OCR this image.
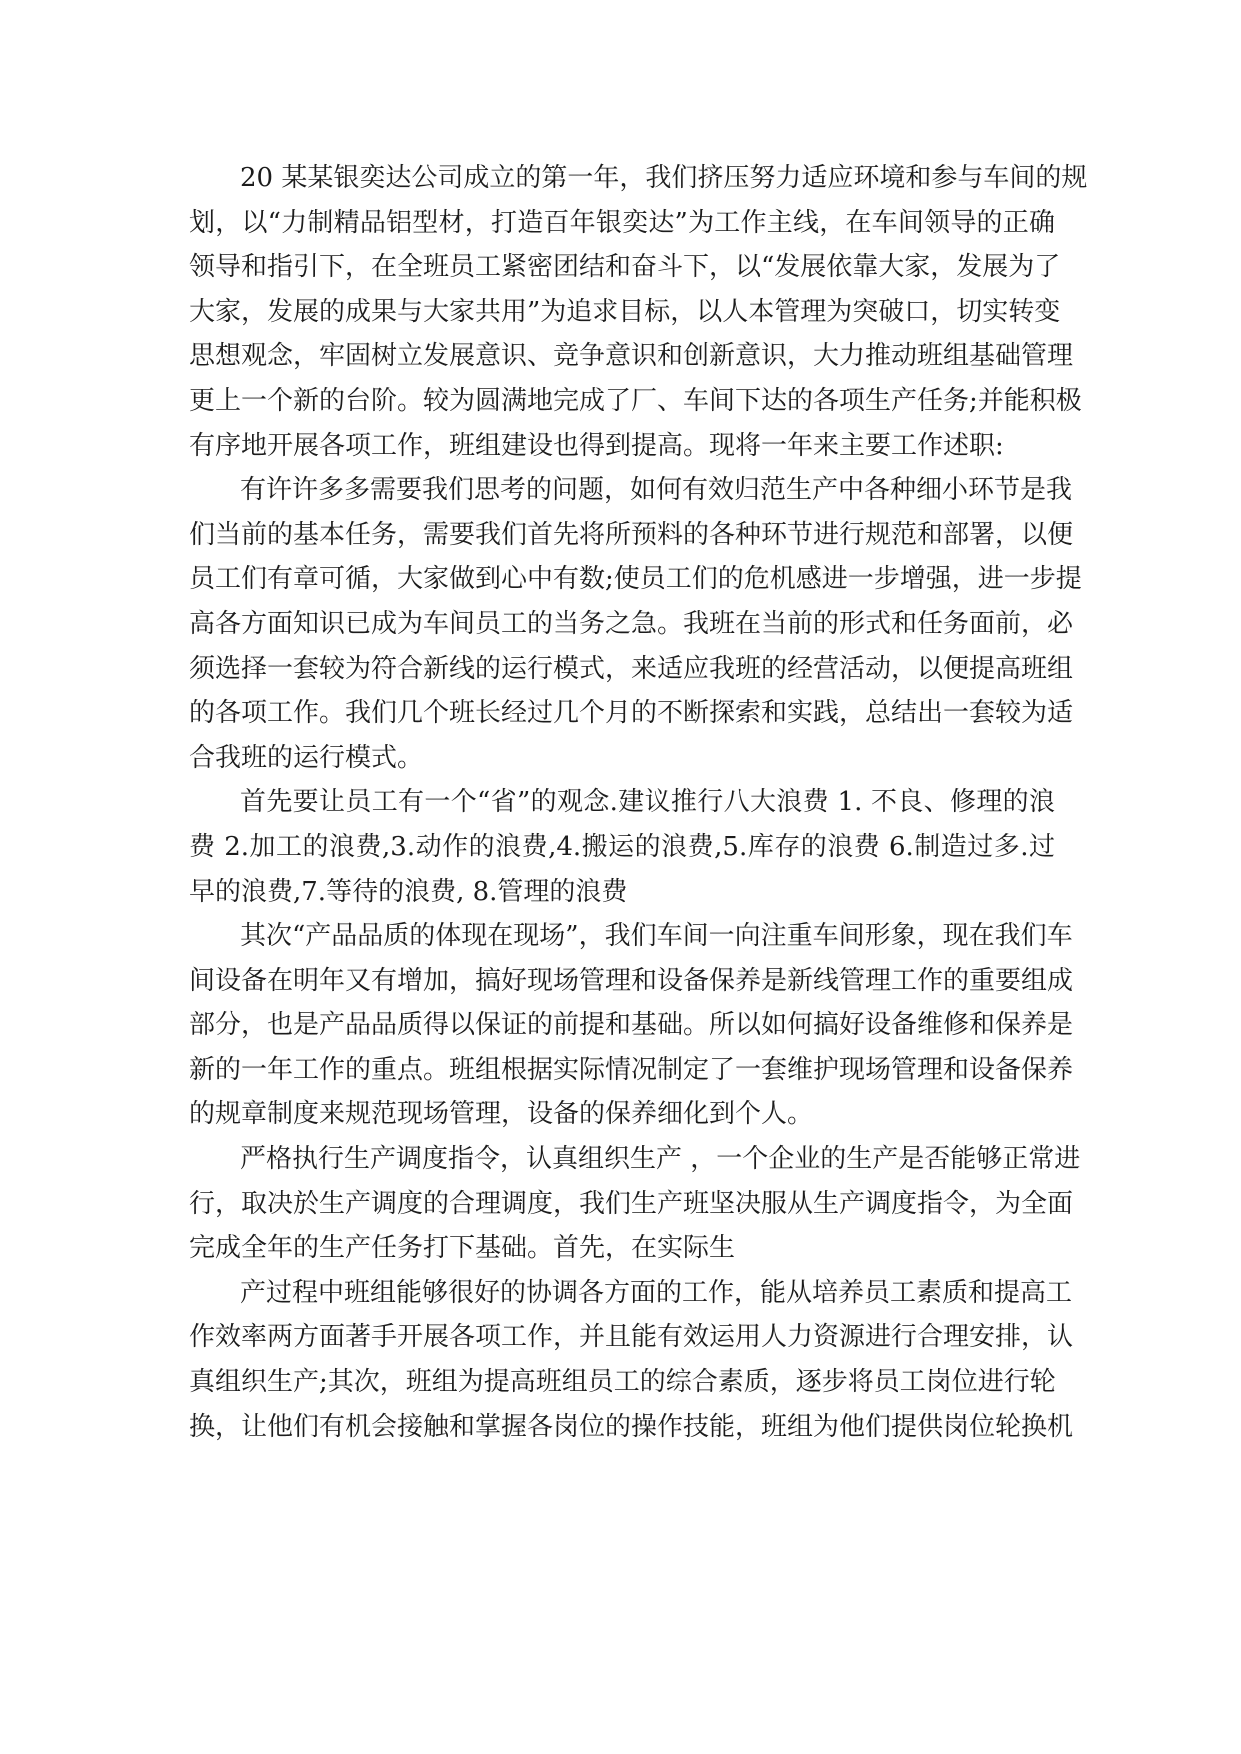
20 某某银奕达公司成立的第一年，我们挤压努力适应环境和参与车间的规
划，以“力制精品铝型材，打造百年银奕达”为工作主线，在车间领导的正确
领导和指引下，在全班员工紧密团结和奋斗下，以“发展依靠大家，发展为了
大家，发展的成果与大家共用”为追求目标，以人本管理为突破口，切实转变
思想观念，牢固树立发展意识、竞争意识和创新意识，大力推动班组基础管理
更上一个新的台阶。较为圆满地完成了厂、车间下达的各项生产任务;并能积极
有序地开展各项工作，班组建设也得到提高。现将一年来主要工作述职:
有许许多多需要我们思考的问题，如何有效归范生产中各种细小环节是我
们当前的基本任务，需要我们首先将所预料的各种环节进行规范和部署，以便
员工们有章可循，大家做到心中有数;使员工们的危机感进一步增强，进一步提
高各方面知识已成为车间员工的当务之急。我班在当前的形式和任务面前，必
须选择一套较为符合新线的运行模式，来适应我班的经营活动，以便提高班组
的各项工作。我们几个班长经过几个月的不断探索和实践，总结出一套较为适
合我班的运行模式。
首先要让员工有一个“省”的观念.建议推行八大浪费 1. 不良、修理的浪
费 2.加工的浪费,3.动作的浪费,4.搬运的浪费,5.库存的浪费 6.制造过多.过
早的浪费,7.等待的浪费, 8.管理的浪费
其次“产品品质的体现在现场”，我们车间一向注重车间形象，现在我们车
间设备在明年又有增加，搞好现场管理和设备保养是新线管理工作的重要组成
部分，也是产品品质得以保证的前提和基础。所以如何搞好设备维修和保养是
新的一年工作的重点。班组根据实际情况制定了一套维护现场管理和设备保养
的规章制度来规范现场管理，设备的保养细化到个人。
严格执行生产调度指令，认真组织生产 ，一个企业的生产是否能够正常进
行，取决於生产调度的合理调度，我们生产班坚决服从生产调度指令，为全面
完成全年的生产任务打下基础。首先，在实际生
产过程中班组能够很好的协调各方面的工作，能从培养员工素质和提高工
作效率两方面著手开展各项工作，并且能有效运用人力资源进行合理安排，认
真组织生产;其次，班组为提高班组员工的综合素质，逐步将员工岗位进行轮
换，让他们有机会接触和掌握各岗位的操作技能，班组为他们提供岗位轮换机
